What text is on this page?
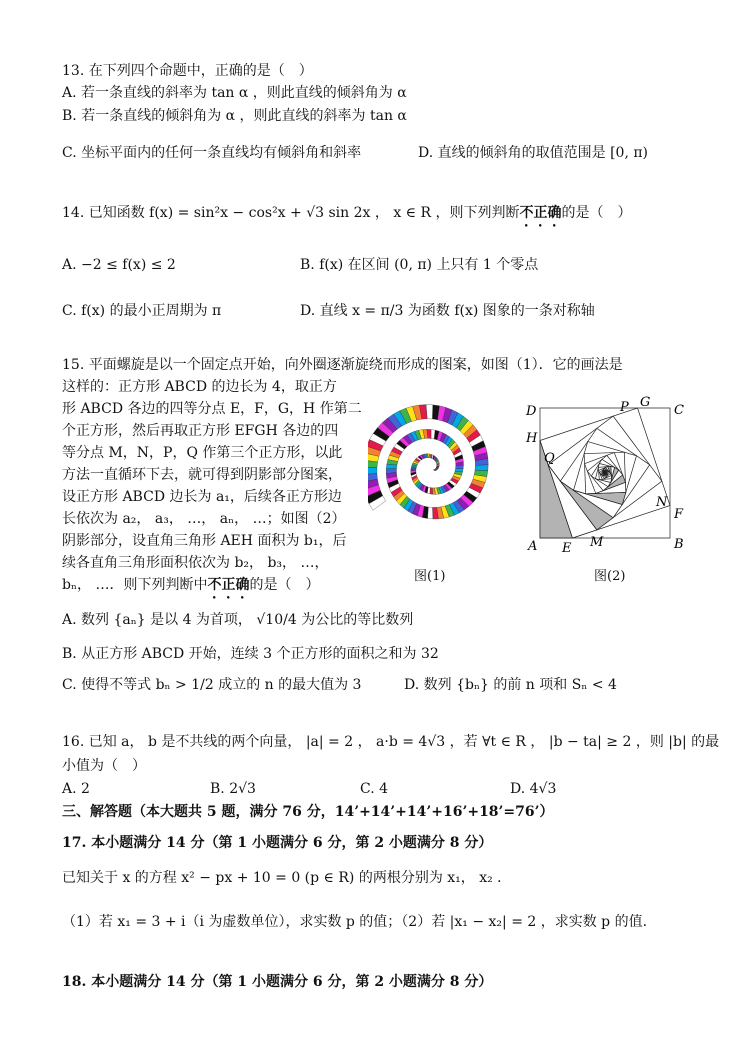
13. 在下列四个命题中，正确的是（　）
A. 若一条直线的斜率为 tan α ，则此直线的倾斜角为 α
B. 若一条直线的倾斜角为 α ，则此直线的斜率为 tan α
C. 坐标平面内的任何一条直线均有倾斜角和斜率	D. 直线的倾斜角的取值范围是 [0, π)
14. 已知函数 f(x) = sin²x − cos²x + √3 sin 2x ， x ∈ R ，则下列判断不正确的是（　）
A. −2 ≤ f(x) ≤ 2	B. f(x) 在区间 (0, π) 上只有 1 个零点
C. f(x) 的最小正周期为 π	D. 直线 x = π/3 为函数 f(x) 图象的一条对称轴
15. 平面螺旋是以一个固定点开始，向外圈逐渐旋绕而形成的图案，如图（1）．它的画法是
这样的：正方形 ABCD 的边长为 4，取正方
形 ABCD 各边的四等分点 E，F，G，H 作第二
个正方形，然后再取正方形 EFGH 各边的四
等分点 M，N，P，Q 作第三个正方形，以此
方法一直循环下去，就可得到阴影部分图案，
设正方形 ABCD 边长为 a₁，后续各正方形边
长依次为 a₂， a₃， …， aₙ， …；如图（2）
阴影部分，设直角三角形 AEH 面积为 b₁，后
续各直角三角形面积依次为 b₂， b₃， …，
bₙ， …．则下列判断中不正确的是（　）
图(1)
D	P G
C
H
Q
N
F
A E M	B
图(2)
A. 数列 {aₙ} 是以 4 为首项， √10/4 为公比的等比数列
B. 从正方形 ABCD 开始，连续 3 个正方形的面积之和为 32
C. 使得不等式 bₙ > 1/2 成立的 n 的最大值为 3	D. 数列 {bₙ} 的前 n 项和 Sₙ < 4
16. 已知 a， b 是不共线的两个向量， |a| = 2 ， a·b = 4√3 ，若 ∀t ∈ R ， |b − ta| ≥ 2 ，则 |b| 的最
小值为（　）
A. 2	B. 2√3	C. 4	D. 4√3
三、解答题（本大题共 5 题，满分 76 分，14’+14’+14’+16’+18’=76’）
17. 本小题满分 14 分（第 1 小题满分 6 分，第 2 小题满分 8 分）
已知关于 x 的方程 x² − px + 10 = 0 (p ∈ R) 的两根分别为 x₁， x₂ ．
（1）若 x₁ = 3 + i（i 为虚数单位），求实数 p 的值；（2）若 |x₁ − x₂| = 2 ，求实数 p 的值.
18. 本小题满分 14 分（第 1 小题满分 6 分，第 2 小题满分 8 分）
